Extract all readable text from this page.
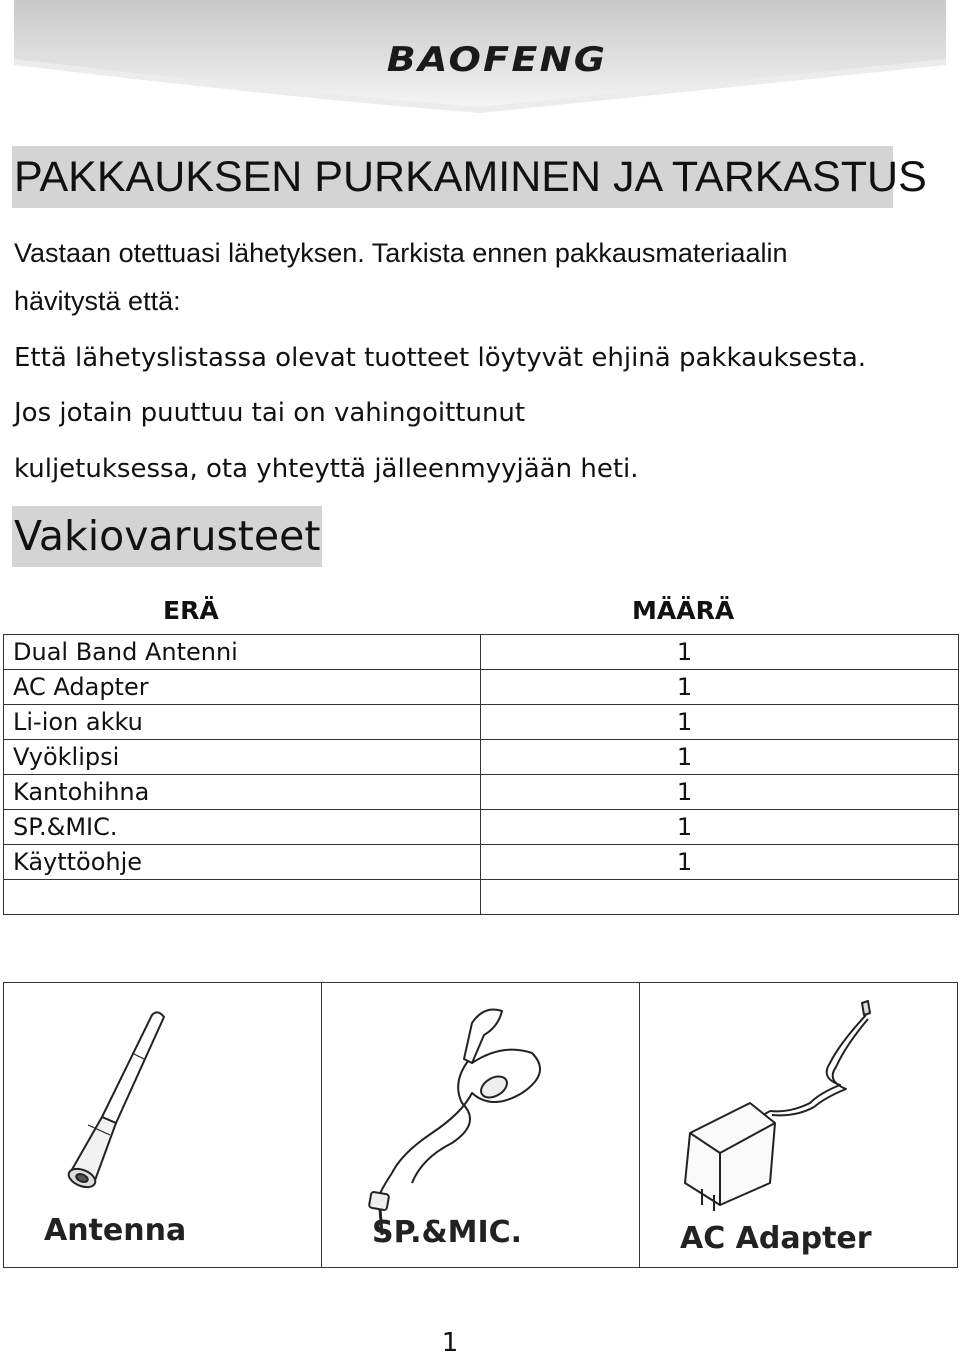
BAOFENG
PAKKAUKSEN PURKAMINEN JA TARKASTUS
Vastaan otettuasi lähetyksen. Tarkista ennen pakkausmateriaalin
hävitystä että:
Että lähetyslistassa olevat tuotteet löytyvät ehjinä pakkauksesta.
Jos jotain puuttuu tai on vahingoittunut
kuljetuksessa, ota yhteyttä jälleenmyyjään heti.
Vakiovarusteet
ERÄ	MÄÄRÄ
Dual Band Antenni	1
AC Adapter	1
Li-ion akku	1
Vyöklipsi	1
Kantohihna	1
SP.&MIC.	1
Käyttöohje	1

Antenna	SP.&MIC.	AC Adapter
1
